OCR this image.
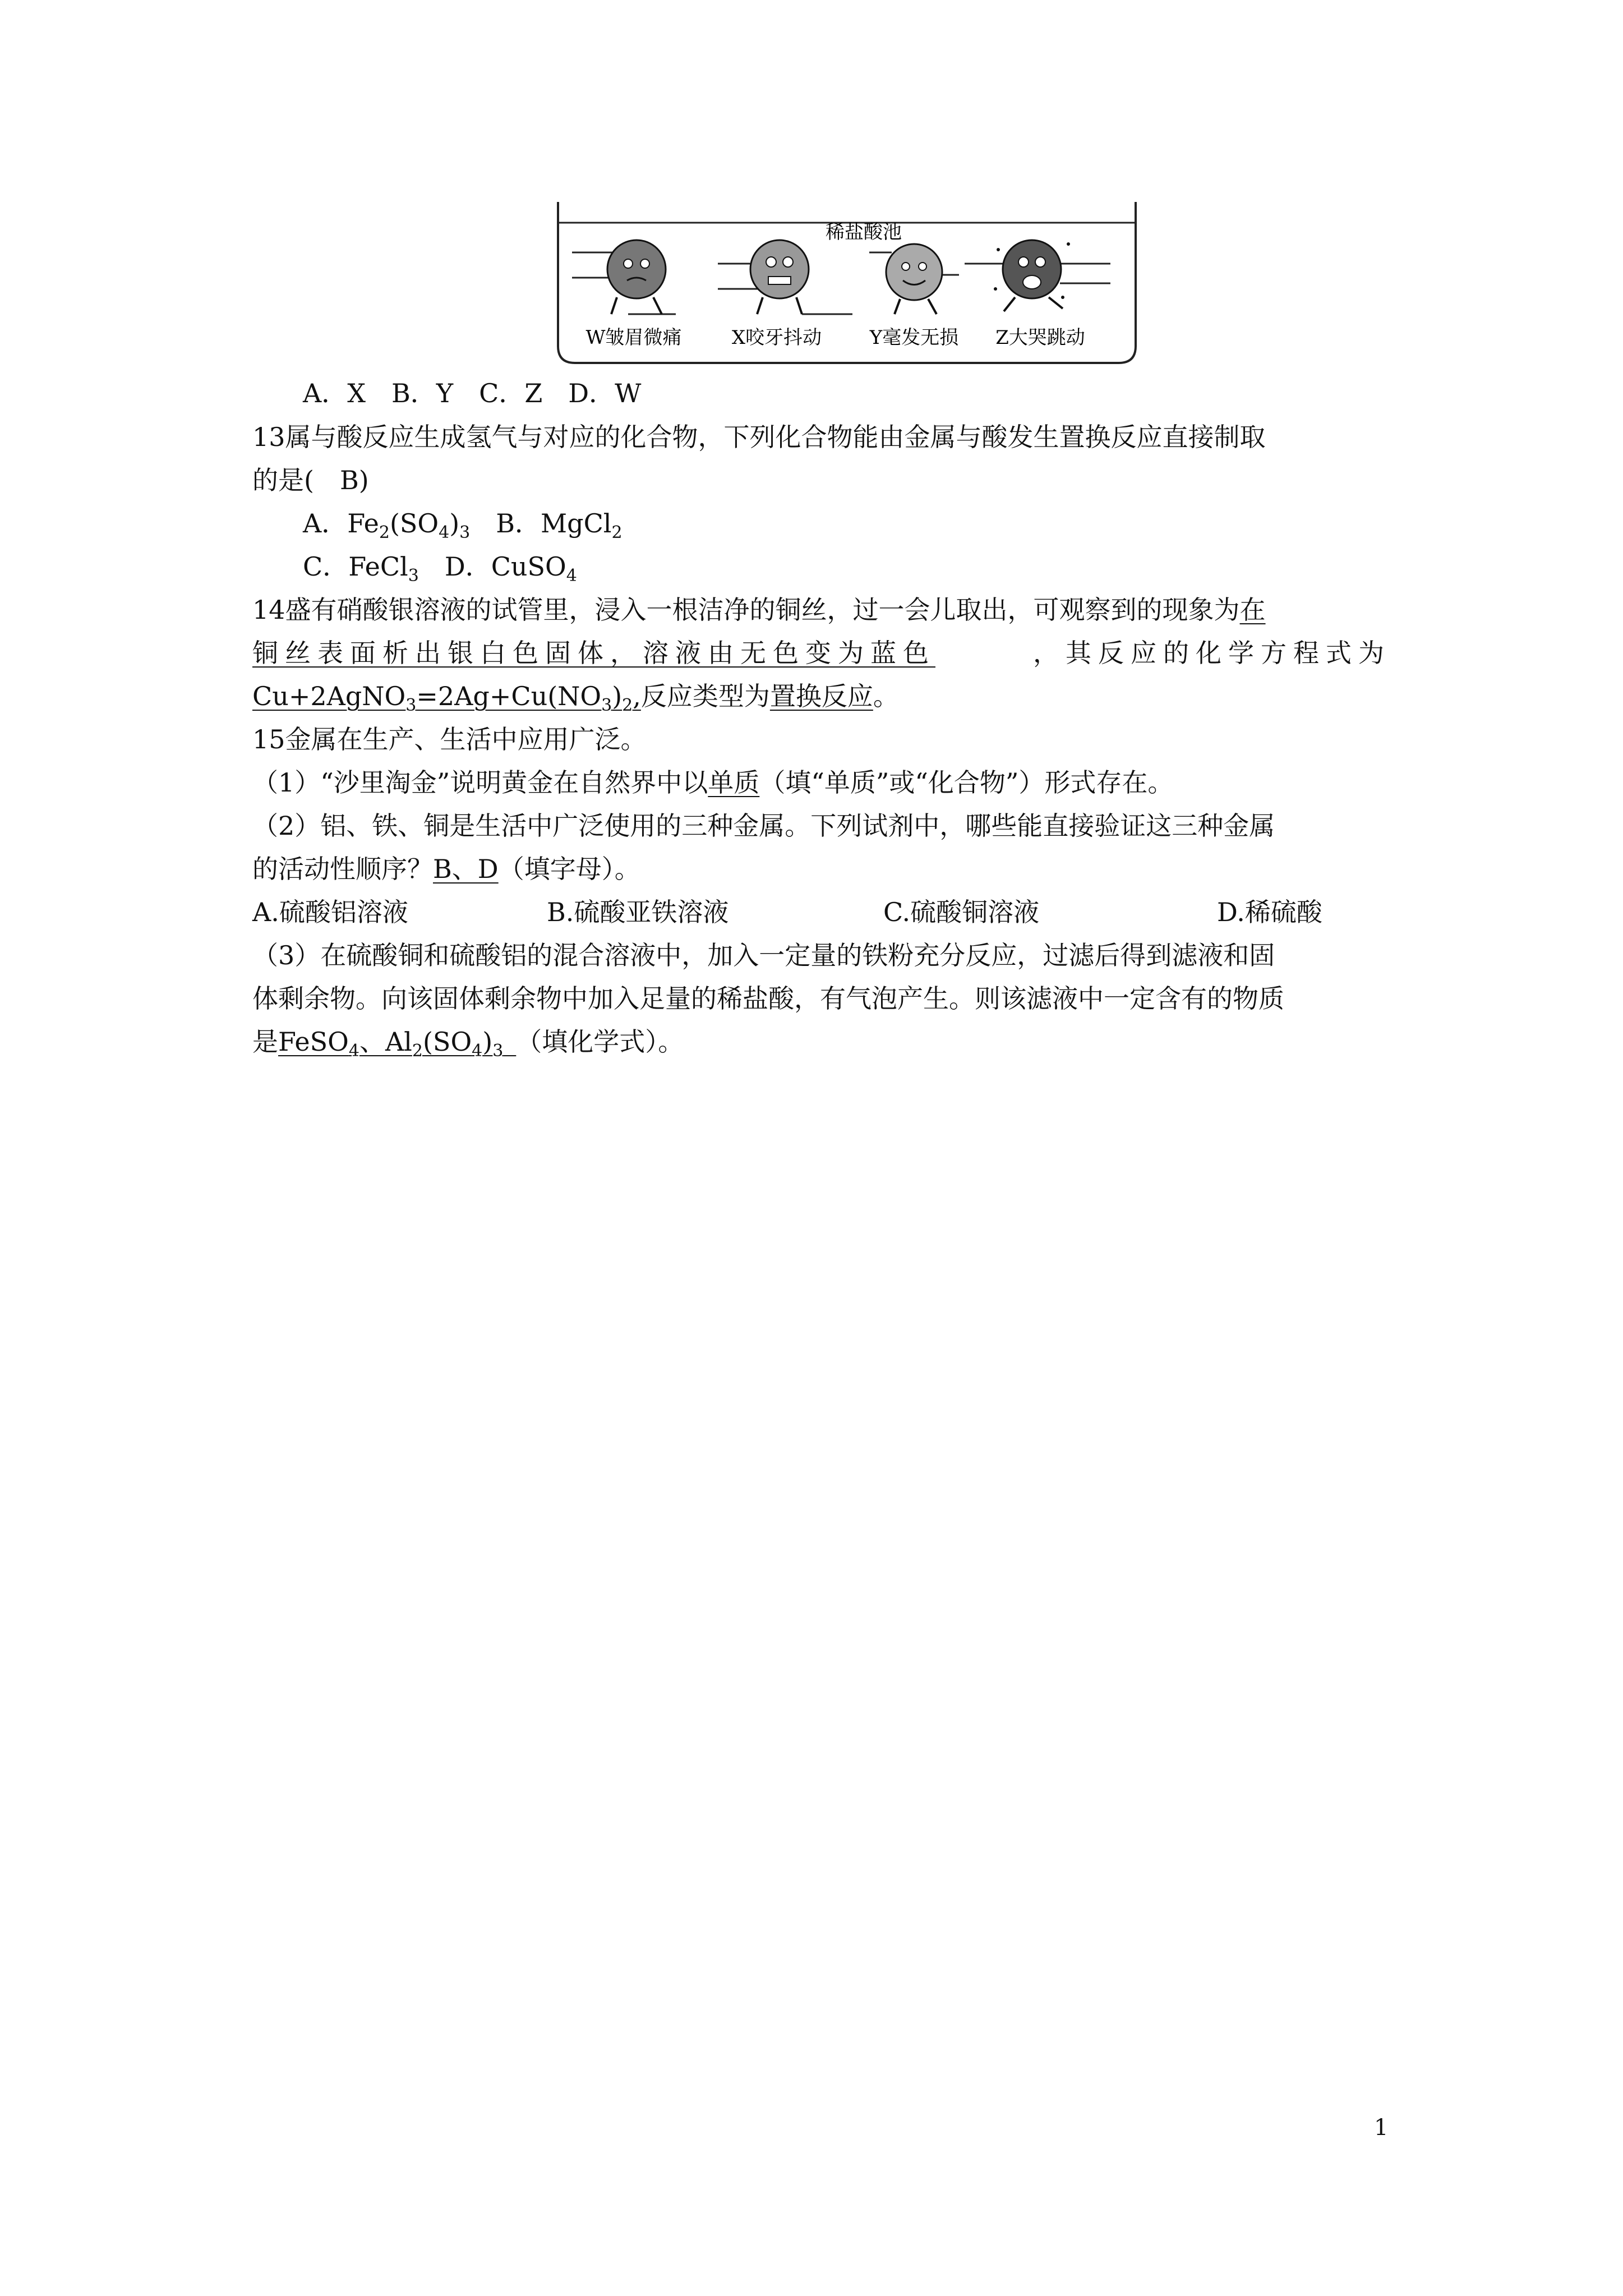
稀盐酸池
W皱眉微痛	X咬牙抖动	Y毫发无损 Z大哭跳动
A．X　B．Y　C．Z　D．W
13属与酸反应生成氢气与对应的化合物，下列化合物能由金属与酸发生置换反应直接制取
的是(　B)
A．$Fe_2(SO_4)_3$　 B．MgCl$_2$
C．FeCl$_3$　 D．CuSO$_4$
14盛有硝酸银溶液的试管里，浸入一根洁净的铜丝，过一会儿取出，可观察到的现象为在
铜丝表面析出银白色固体，溶液由无色变为蓝色	，其反应的化学方程式为
$Cu+2AgNO_3=2Ag+Cu(NO_3)_2$,反应类型为置换反应。
15金属在生产、生活中应用广泛。
（1）“沙里淘金”说明黄金在自然界中以单质（填“单质”或“化合物”）形式存在。
（2）铝、铁、铜是生活中广泛使用的三种金属。下列试剂中，哪些能直接验证这三种金属
的活动性顺序？B、D（填字母）。
A.硫酸铝溶液	B.硫酸亚铁溶液	C.硫酸铜溶液	D.稀硫酸
（3）在硫酸铜和硫酸铝的混合溶液中，加入一定量的铁粉充分反应，过滤后得到滤液和固
体剩余物。向该固体剩余物中加入足量的稀盐酸，有气泡产生。则该滤液中一定含有的物质
是FeSO$_4$、$Al_2(SO_4)_3$  （填化学式）。
1
